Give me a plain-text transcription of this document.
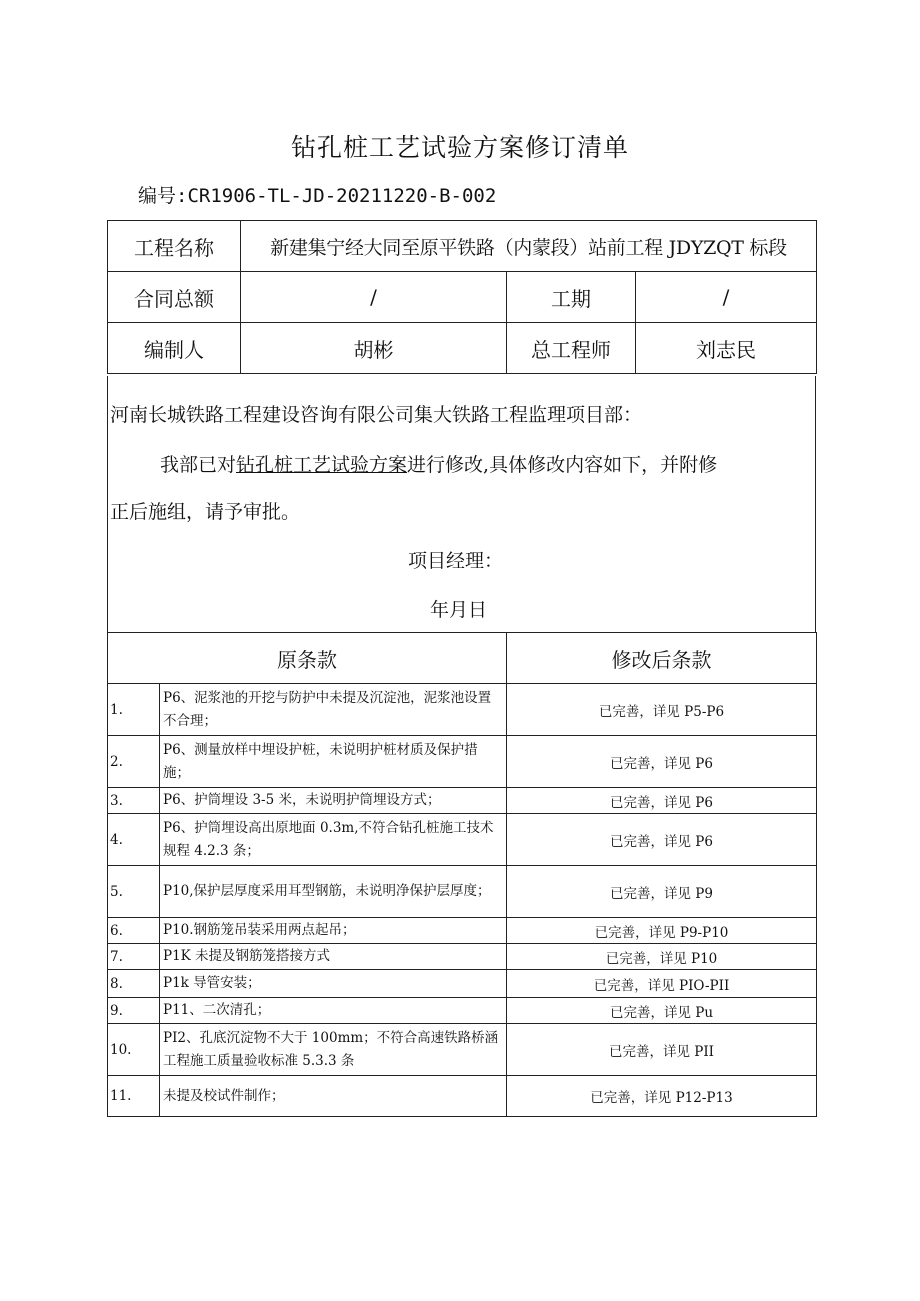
钻孔桩工艺试验方案修订清单
编号:CR1906-TL-JD-20211220-B-002
工程名称	新建集宁经大同至原平铁路（内蒙段）站前工程 JDYZQT 标段		
合同总额	/	工期	/
编制人	胡彬	总工程师	刘志民
河南长城铁路工程建设咨询有限公司集大铁路工程监理项目部：
我部已对钻孔桩工艺试验方案进行修改,具体修改内容如下，并附修
正后施组，请予审批。
项目经理：
年月日
原条款		修改后条款
1.	P6、泥浆池的开挖与防护中未提及沉淀池，泥浆池设置不合理；	已完善，详见 P5-P6
2.	P6、测量放样中埋设护桩，未说明护桩材质及保护措施；	已完善，详见 P6
3.	P6、护筒埋设 3-5 米，未说明护筒埋设方式；	已完善，详见 P6
4.	P6、护筒埋设高出原地面 0.3m,不符合钻孔桩施工技术规程 4.2.3 条；	已完善，详见 P6
5.	P10,保护层厚度采用耳型钢筋，未说明净保护层厚度；	已完善，详见 P9
6.	P10.钢筋笼吊装采用两点起吊；	已完善，详见 P9-P10
7.	P1K 未提及钢筋笼搭接方式	已完善，详见 P10
8.	P1k 导管安装；	已完善，详见 PIO-PII
9.	P11、二次清孔；	已完善，详见 Pu
10.	PI2、孔底沉淀物不大于 100mm；不符合高速铁路桥涵工程施工质量验收标准 5.3.3 条	已完善，详见 PII
11.	未提及校试件制作；	已完善，详见 P12-P13
